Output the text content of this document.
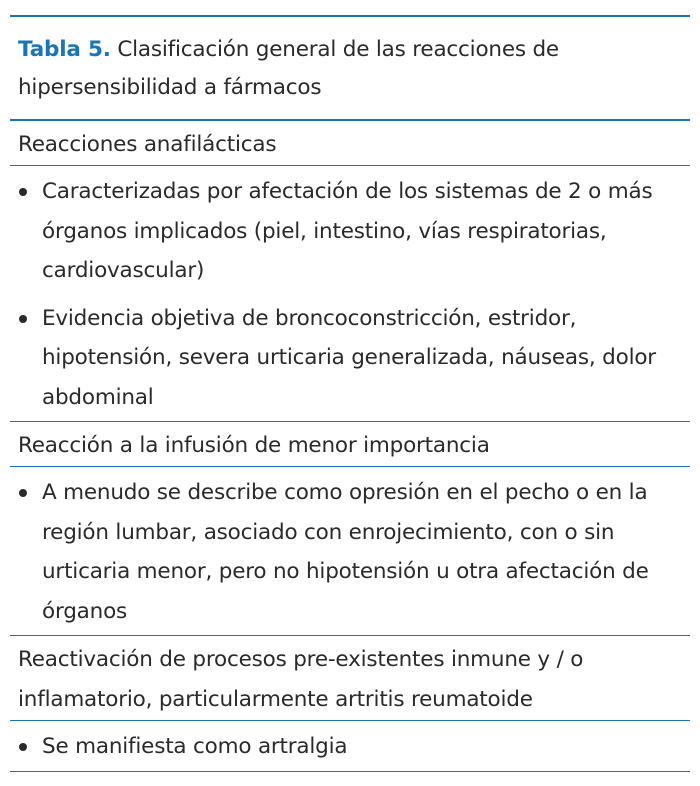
Tabla 5. Clasificación general de las reacciones de hipersensibilidad a fármacos
Reacciones anafilácticas
Caracterizadas por afectación de los sistemas de 2 o más órganos implicados (piel, intestino, vías respiratorias, cardiovascular)
Evidencia objetiva de broncoconstricción, estridor, hipotensión, severa urticaria generalizada, náuseas, dolor abdominal
Reacción a la infusión de menor importancia
A menudo se describe como opresión en el pecho o en la región lumbar, asociado con enrojecimiento, con o sin urticaria menor, pero no hipotensión u otra afectación de órganos
Reactivación de procesos pre-existentes inmune y / o inflamatorio, particularmente artritis reumatoide
Se manifiesta como artralgia
